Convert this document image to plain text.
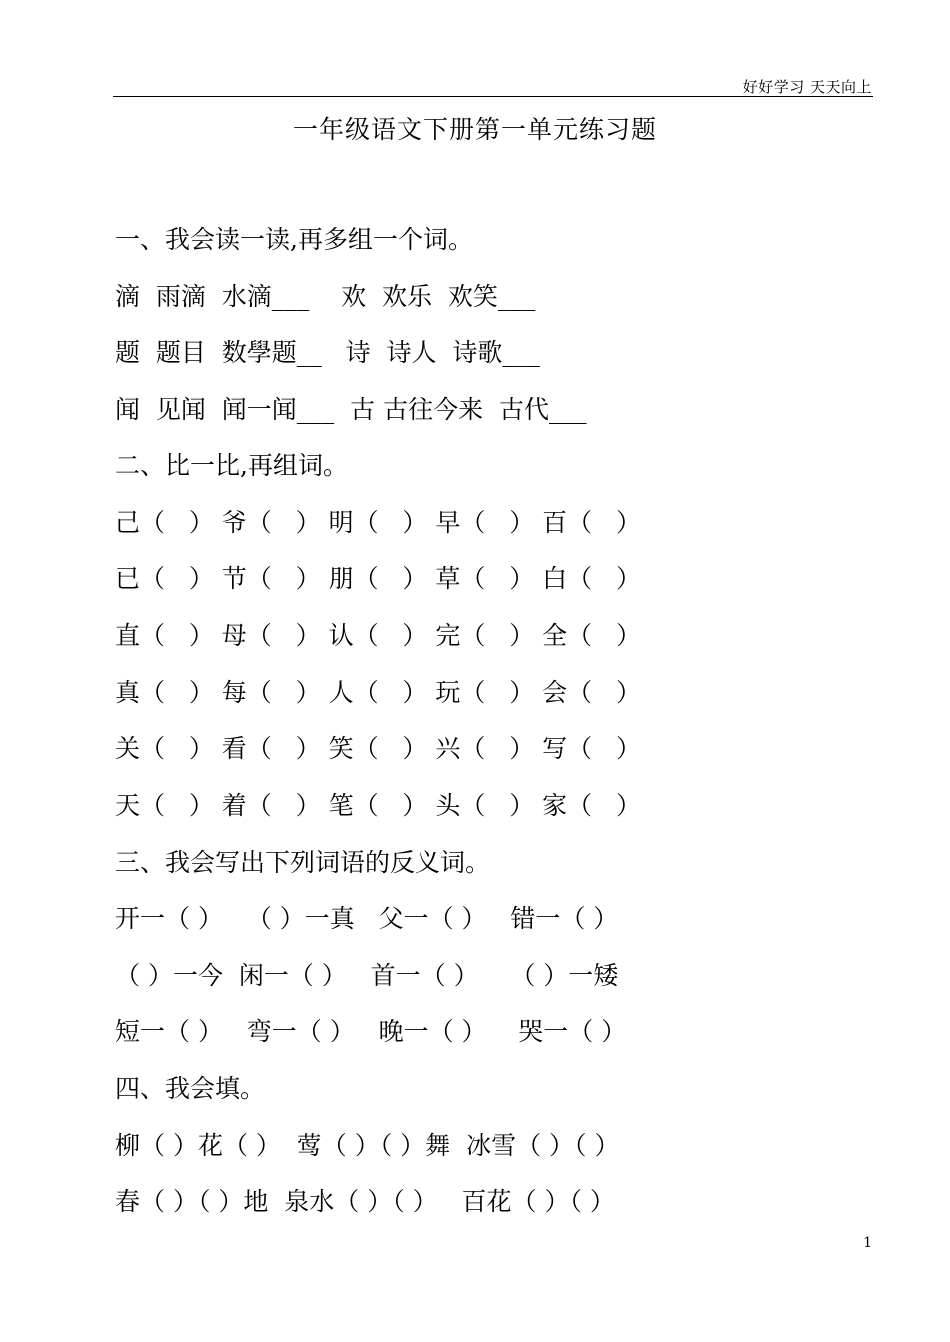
好好学习 天天向上
一年级语文下册第一单元练习题
一、我会读一读,再多组一个词。
滴  雨滴  水滴___    欢  欢乐  欢笑___
题  题目  数學题__   诗  诗人  诗歌___
闻  见闻  闻一闻___  古 古往今来  古代___
二、比一比,再组词。
己（   ） 爷（   ） 明（   ） 早（   ） 百（   ）
已（   ） 节（   ） 朋（   ） 草（   ） 白（   ）
直（   ） 母（   ） 认（   ） 完（   ） 全（   ）
真（   ） 每（   ） 人（   ） 玩（   ） 会（   ）
关（   ） 看（   ） 笑（   ） 兴（   ） 写（   ）
天（   ） 着（   ） 笔（   ） 头（   ） 家（   ）
三、我会写出下列词语的反义词。
开一（ ）   （ ）一真   父一（ ）   错一（ ）
（ ）一今  闲一（ ）   首一（ ）    （ ）一矮
短一（ ）   弯一（ ）   晚一（ ）    哭一（ ）
四、我会填。
柳（ ）花（ ）  莺（ ）（ ）舞  冰雪（ ）（ ）
春（ ）（ ）地  泉水（ ）（ ）   百花（ ）（ ）
1
